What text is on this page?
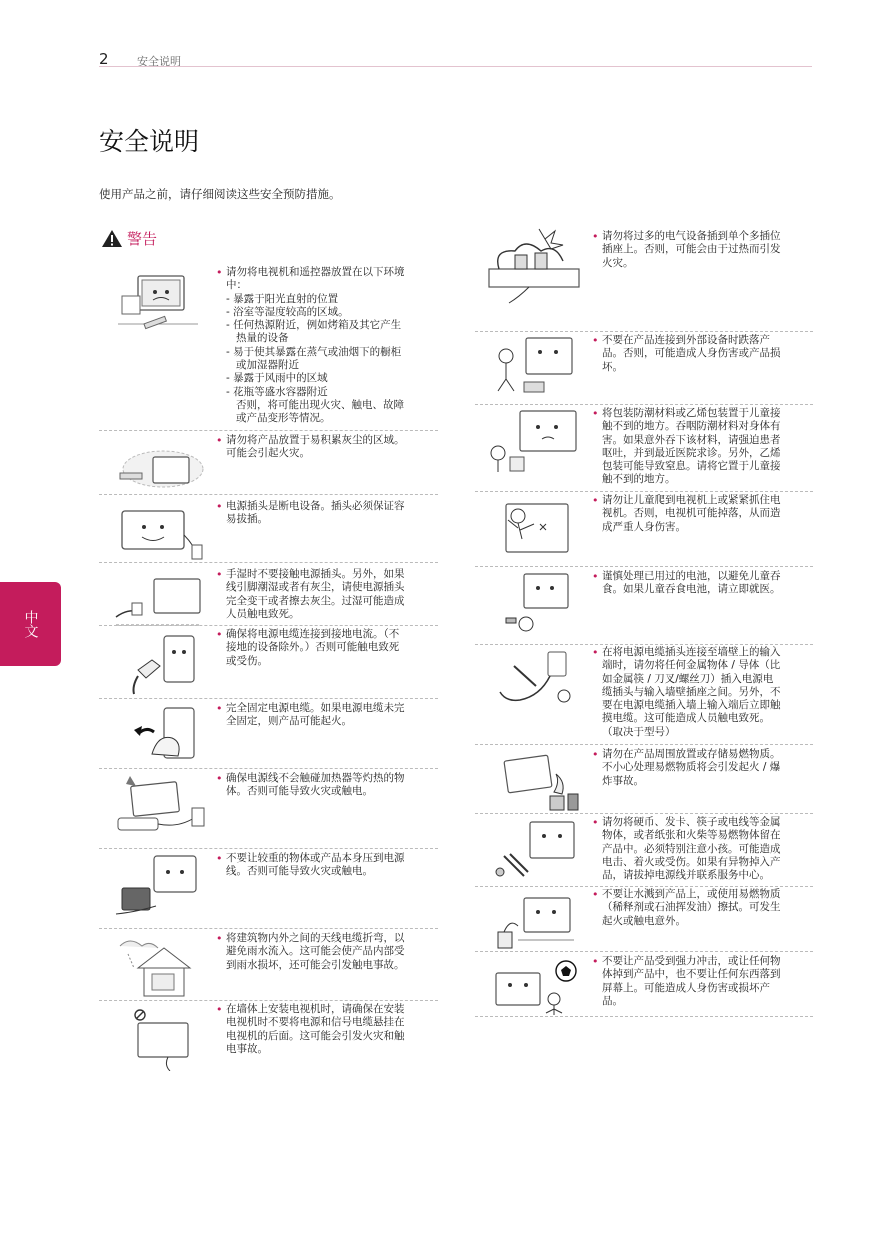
2	安全说明
安全说明
使用产品之前，请仔细阅读这些安全预防措施。
警告
中文
• 请勿将电视机和遥控器放置在以下环境
中：
- 暴露于阳光直射的位置
- 浴室等湿度较高的区域。
- 任何热源附近，例如烤箱及其它产生
热量的设备
- 易于使其暴露在蒸气或油烟下的橱柜
或加湿器附近
- 暴露于风雨中的区域
- 花瓶等盛水容器附近
否则，将可能出现火灾、触电、故障
或产品变形等情况。
• 请勿将产品放置于易积累灰尘的区域。
可能会引起火灾。
• 电源插头是断电设备。插头必须保证容
易拔插。
• 手湿时不要接触电源插头。另外，如果
线引脚潮湿或者有灰尘，请使电源插头
完全变干或者擦去灰尘。过湿可能造成
人员触电致死。
• 确保将电源电缆连接到接地电流。（不
接地的设备除外。）否则可能触电致死
或受伤。
• 完全固定电源电缆。如果电源电缆未完
全固定，则产品可能起火。
• 确保电源线不会触碰加热器等灼热的物
体。否则可能导致火灾或触电。
• 不要让较重的物体或产品本身压到电源
线。否则可能导致火灾或触电。
• 将建筑物内外之间的天线电缆折弯，以
避免雨水流入。这可能会使产品内部受
到雨水损坏，还可能会引发触电事故。
• 在墙体上安装电视机时，请确保在安装
电视机时不要将电源和信号电缆悬挂在
电视机的后面。这可能会引发火灾和触
电事故。
• 请勿将过多的电气设备插到单个多插位
插座上。否则，可能会由于过热而引发
火灾。
• 不要在产品连接到外部设备时跌落产
品。否则，可能造成人身伤害或产品损
坏。
• 将包装防潮材料或乙烯包装置于儿童接
触不到的地方。吞咽防潮材料对身体有
害。如果意外吞下该材料，请强迫患者
呕吐，并到最近医院求诊。另外，乙烯
包装可能导致窒息。请将它置于儿童接
触不到的地方。
• 请勿让儿童爬到电视机上或紧紧抓住电
视机。否则，电视机可能掉落，从而造
成严重人身伤害。
• 谨慎处理已用过的电池，以避免儿童吞
食。如果儿童吞食电池，请立即就医。
• 在将电源电缆插头连接至墙壁上的输入
端时，请勿将任何金属物体 / 导体（比
如金属筷 / 刀叉/螺丝刀）插入电源电
缆插头与输入墙壁插座之间。另外，不
要在电源电缆插入墙上输入端后立即触
摸电缆。这可能造成人员触电致死。
（取决于型号）
• 请勿在产品周围放置或存储易燃物质。
不小心处理易燃物质将会引发起火 / 爆
炸事故。
• 请勿将硬币、发卡、筷子或电线等金属
物体，或者纸张和火柴等易燃物体留在
产品中。必须特别注意小孩。可能造成
电击、着火或受伤。如果有异物掉入产
品，请拔掉电源线并联系服务中心。
• 不要让水溅到产品上，或使用易燃物质
（稀释剂或石油挥发油）擦拭。可发生
起火或触电意外。
• 不要让产品受到强力冲击，或让任何物
体掉到产品中，也不要让任何东西落到
屏幕上。可能造成人身伤害或损坏产
品。
